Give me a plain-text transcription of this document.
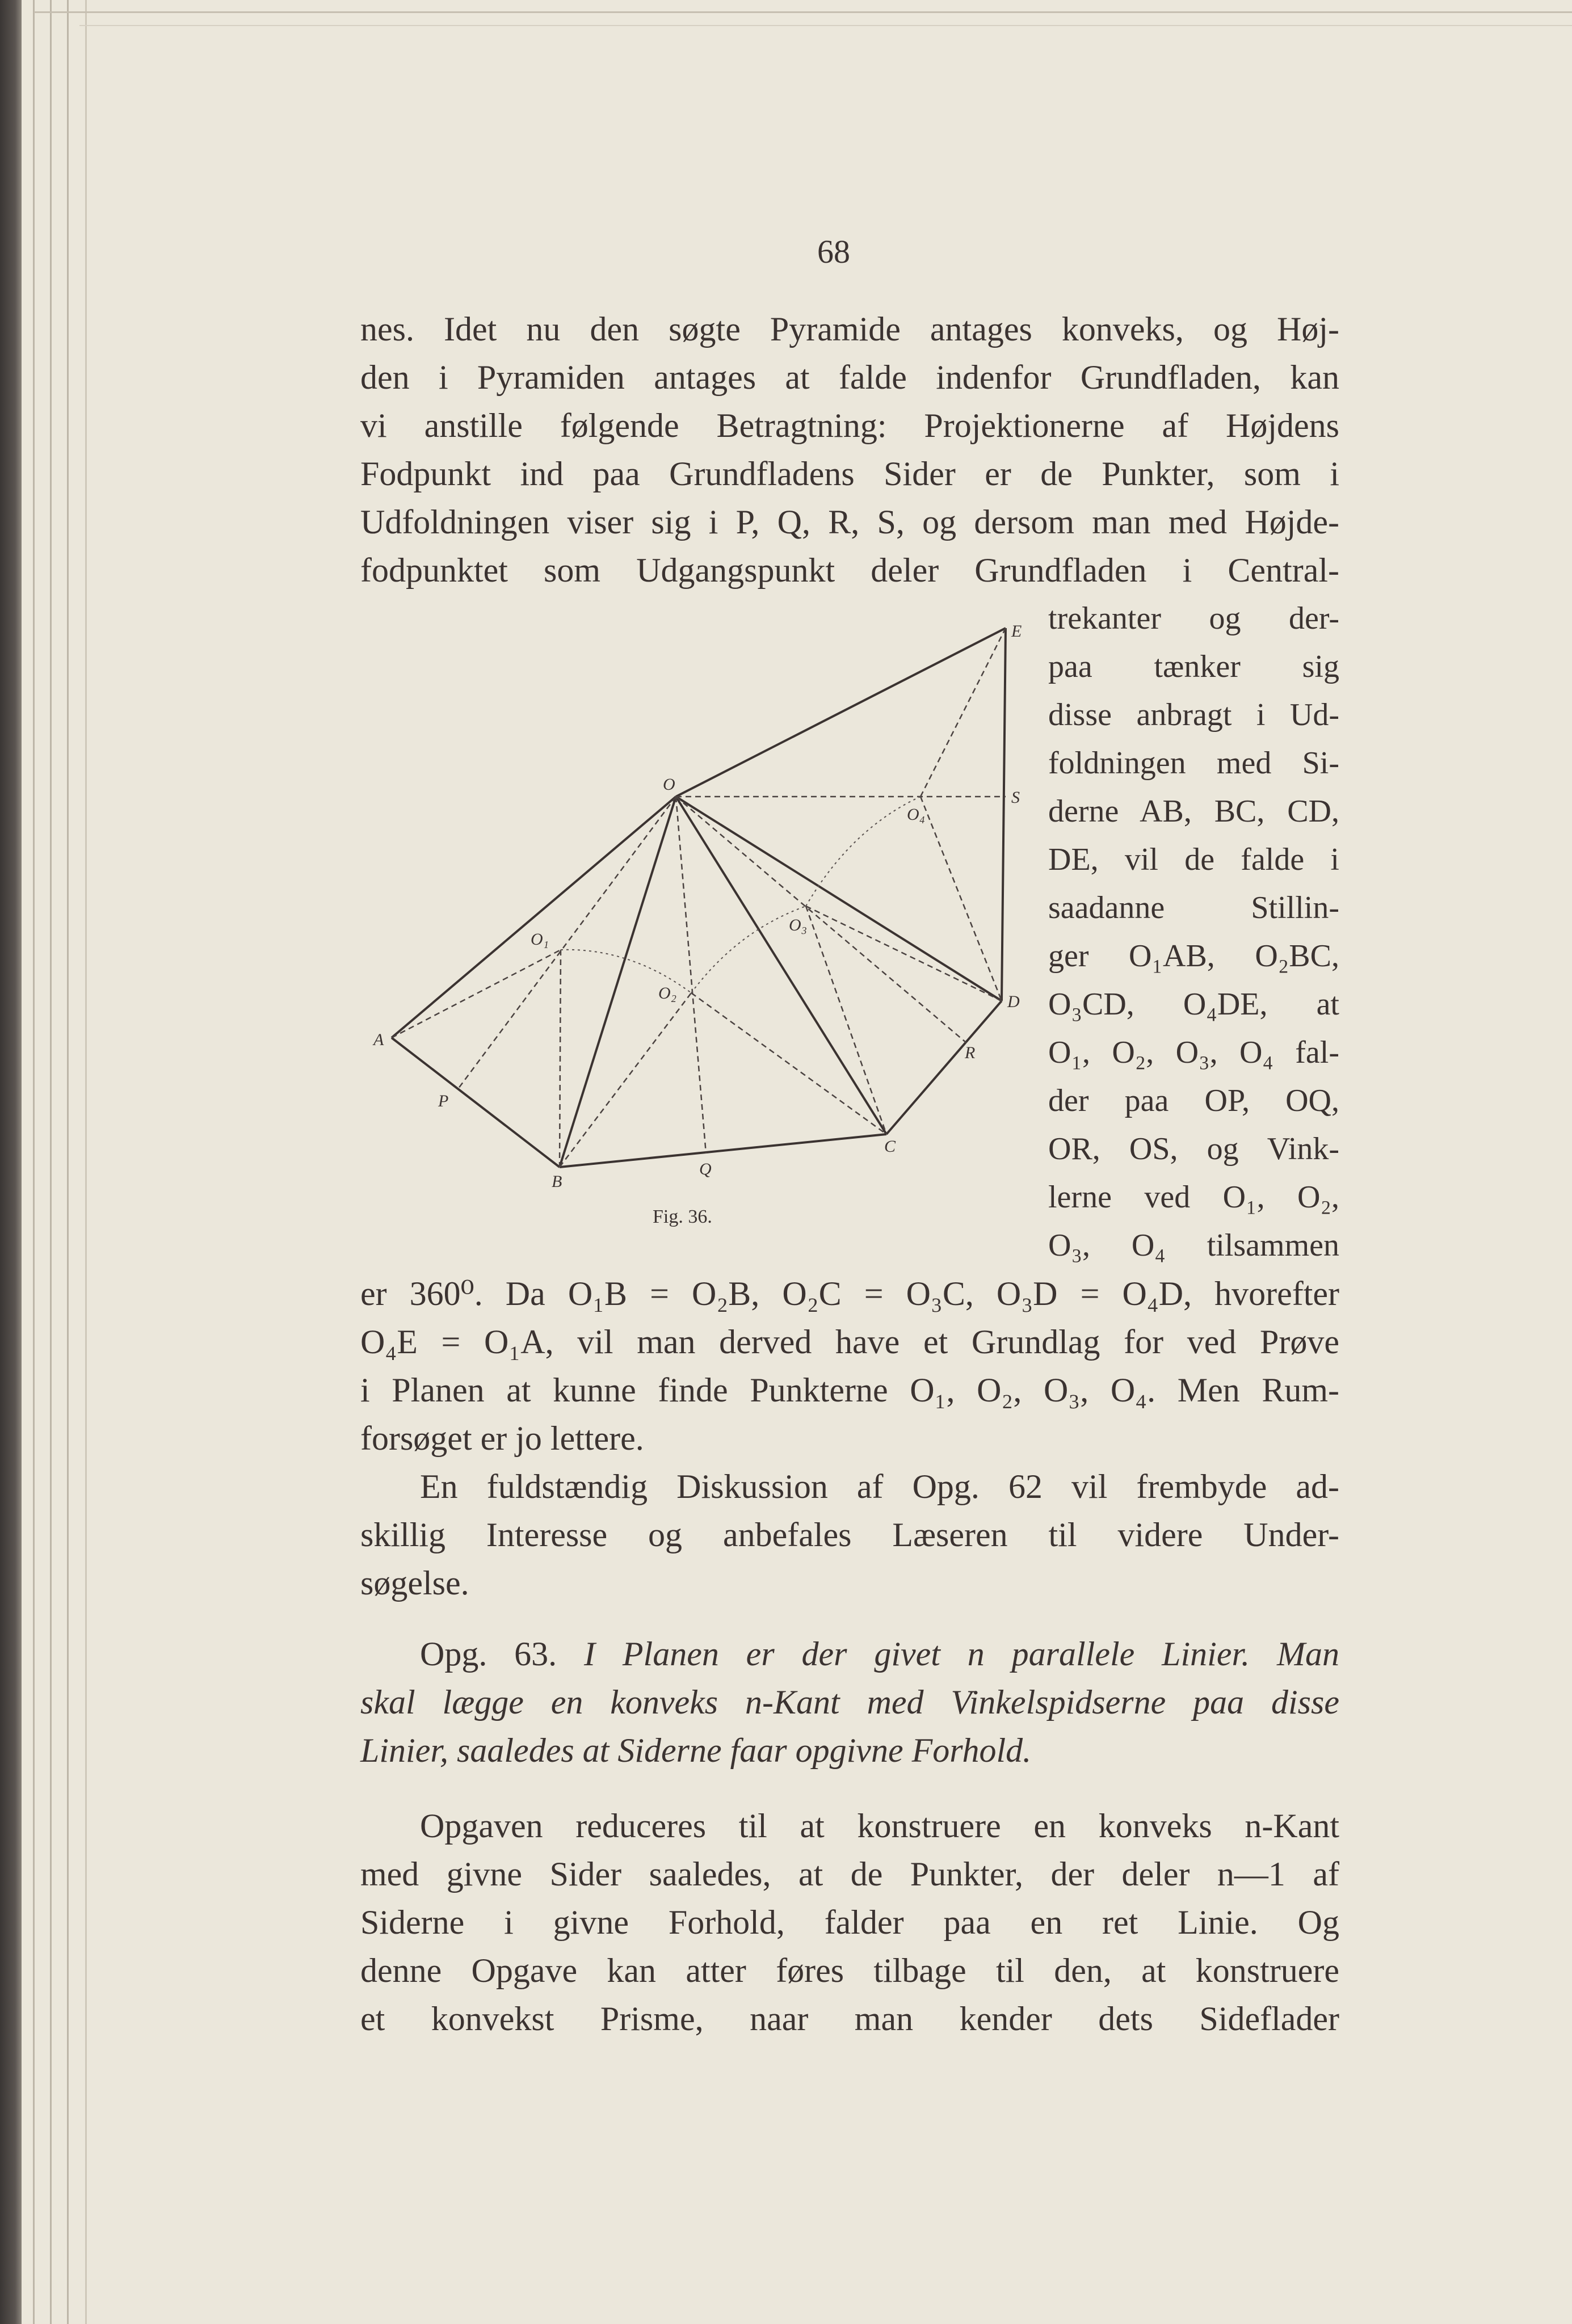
68
nes. Idet nu den søgte Pyramide antages konveks, og Høj-
den i Pyramiden antages at falde indenfor Grundfladen, kan
vi anstille følgende Betragtning: Projektionerne af Højdens
Fodpunkt ind paa Grundfladens Sider er de Punkter, som i
Udfoldningen viser sig i P, Q, R, S, og dersom man med Højde-
fodpunktet som Udgangspunkt deler Grundfladen i Central-
trekanter og der-
paa tænker sig
disse anbragt i Ud-
foldningen med Si-
derne AB, BC, CD,
DE, vil de falde i
saadanne Stillin-
ger O₁AB, O₂BC,
O₃CD, O₄DE, at
O₁, O₂, O₃, O₄ fal-
der paa OP, OQ,
OR, OS, og Vink-
lerne ved O₁, O₂,
O₃, O₄ tilsammen
er 360⁰. Da O₁B = O₂B, O₂C = O₃C, O₃D = O₄D, hvorefter
O₄E = O₁A, vil man derved have et Grundlag for ved Prøve
i Planen at kunne finde Punkterne O₁, O₂, O₃, O₄. Men Rum-
forsøget er jo lettere.
En fuldstændig Diskussion af Opg. 62 vil frembyde ad-
skillig Interesse og anbefales Læseren til videre Under-
søgelse.
Opg. 63. I Planen er der givet n parallele Linier. Man
skal lægge en konveks n-Kant med Vinkelspidserne paa disse
Linier, saaledes at Siderne faar opgivne Forhold.
Opgaven reduceres til at konstruere en konveks n-Kant
med givne Sider saaledes, at de Punkter, der deler n—1 af
Siderne i givne Forhold, falder paa en ret Linie. Og
denne Opgave kan atter føres tilbage til den, at konstruere
et konvekst Prisme, naar man kender dets Sideflader
O
E
S
D
R
C
Q
B
P
A
O₁
O₂
O₃
O₄
Fig. 36.
